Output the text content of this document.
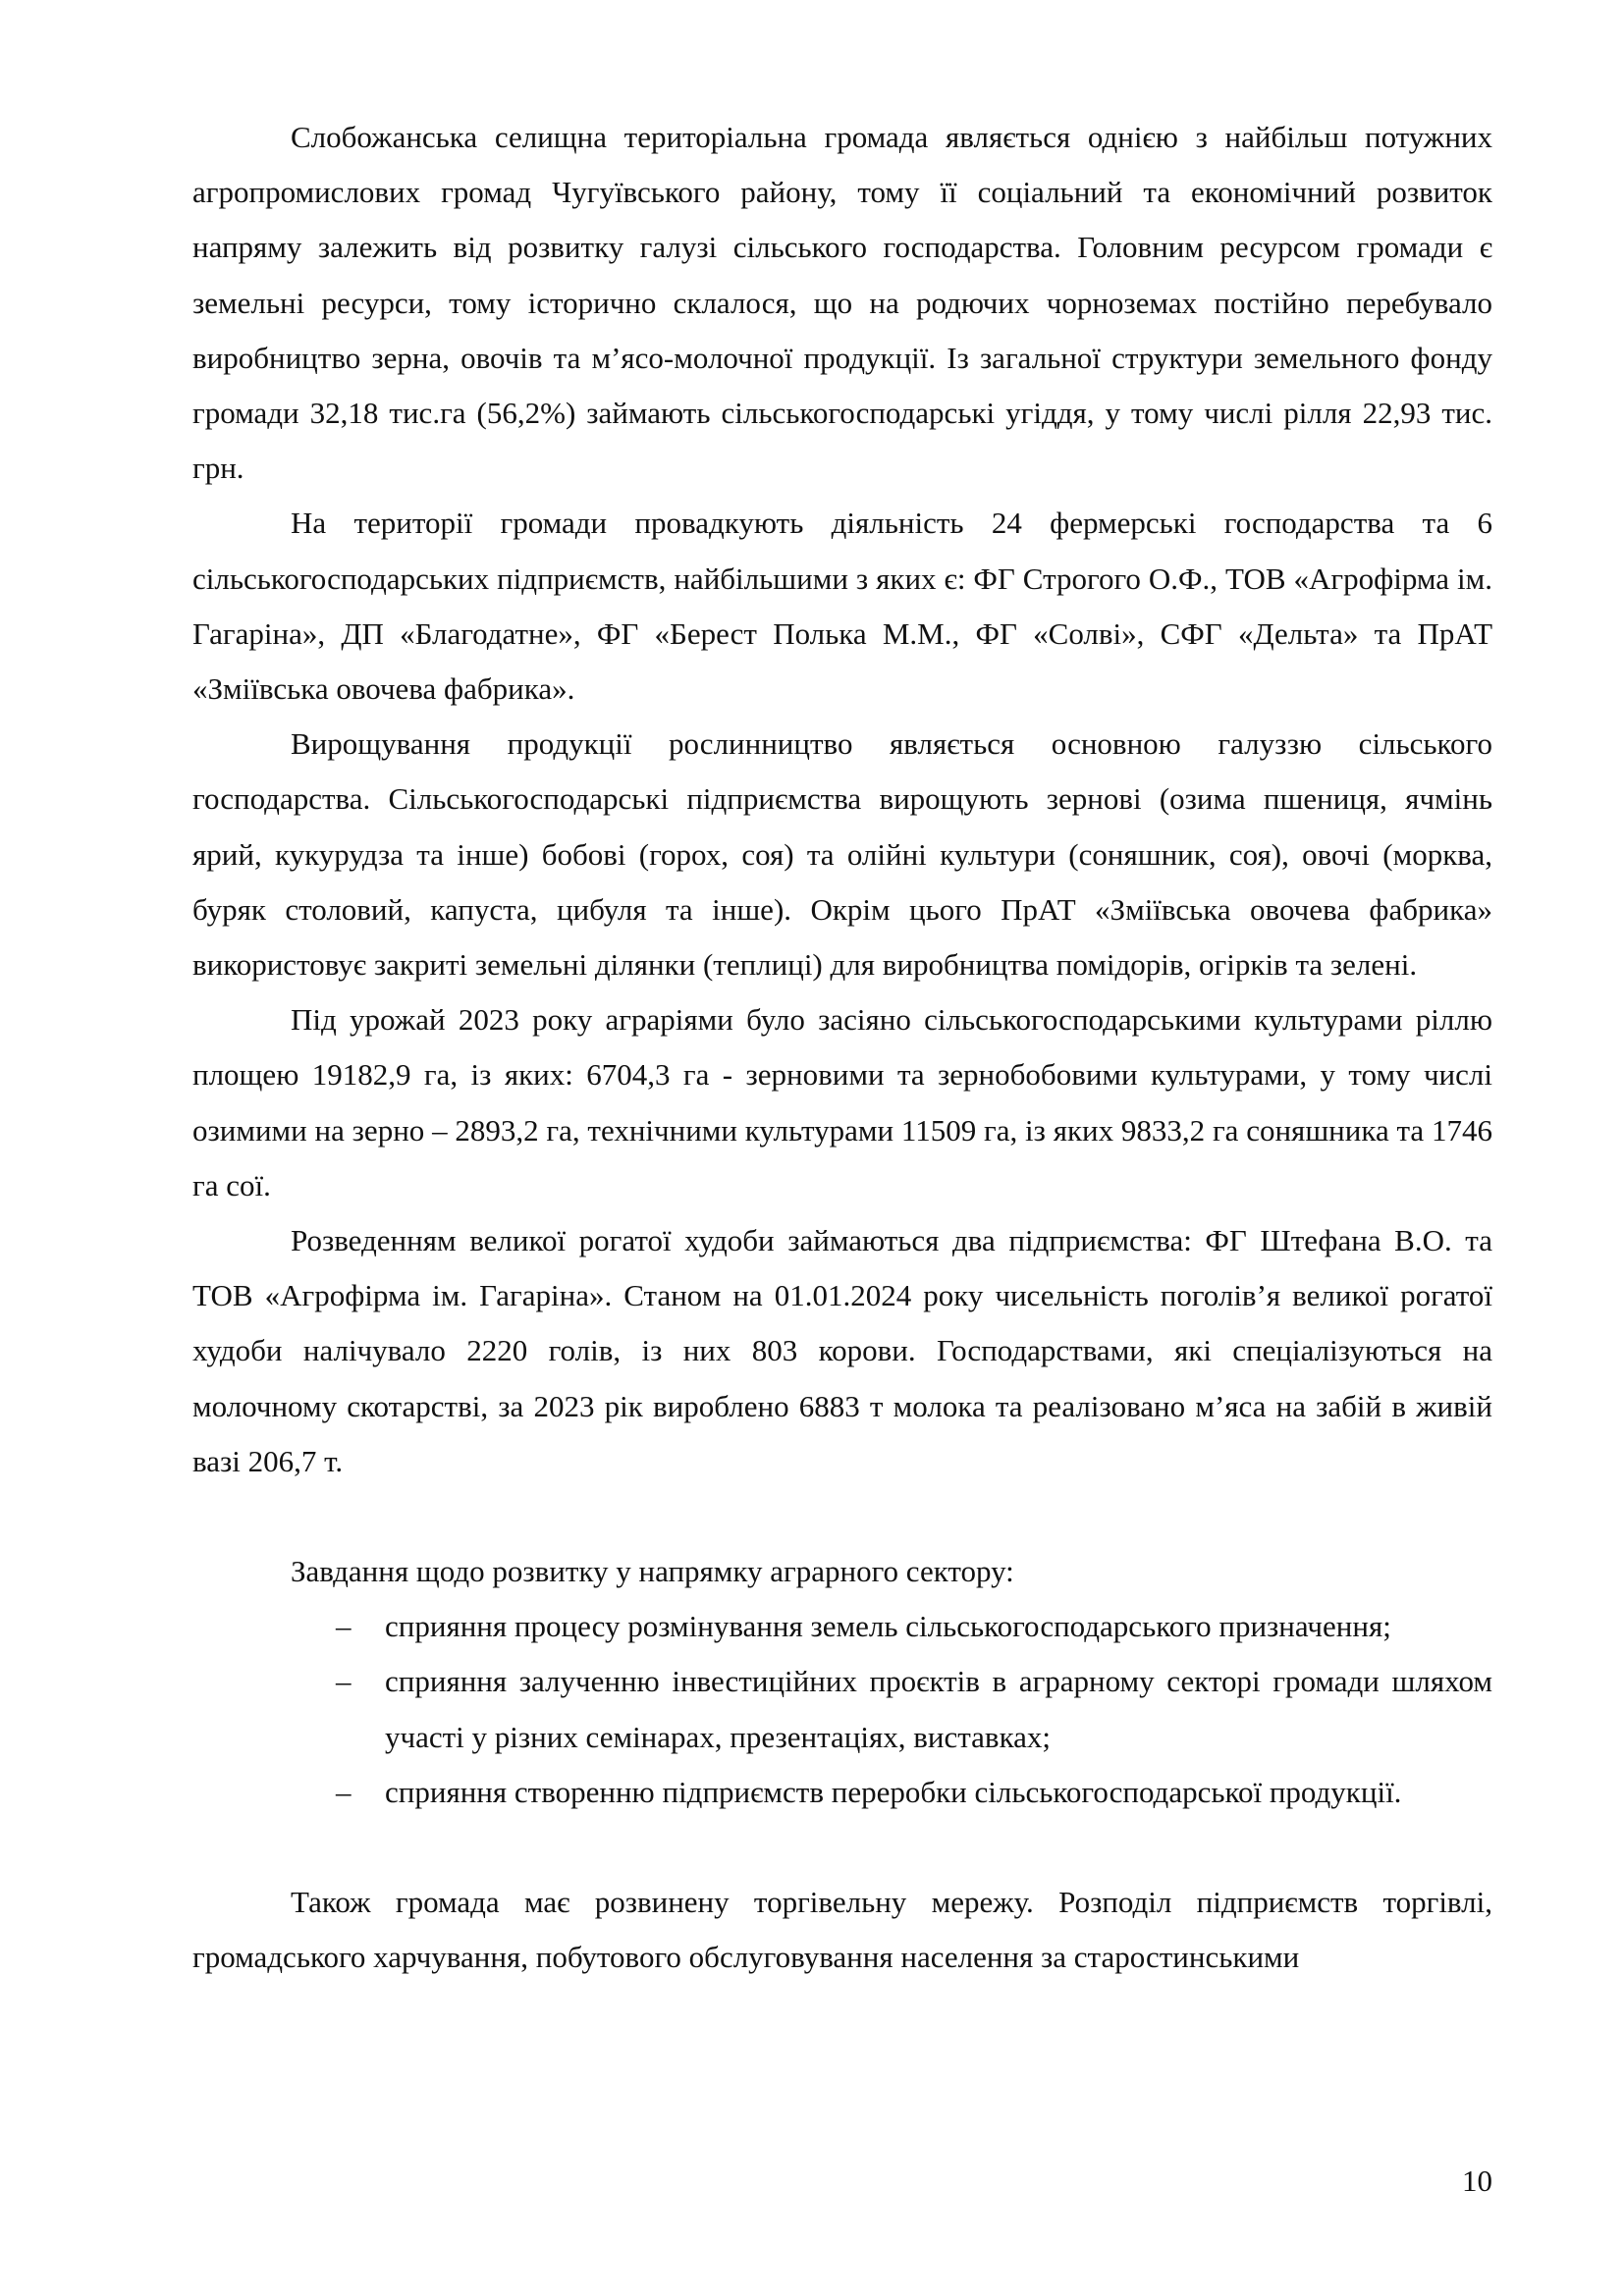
Слобожанська селищна територіальна громада являється однією з найбільш потужних агропромислових громад Чугуївського району, тому її соціальний та економічний розвиток напряму залежить від розвитку галузі сільського господарства. Головним ресурсом громади є земельні ресурси, тому історично склалося, що на родючих чорноземах постійно перебувало виробництво зерна, овочів та м’ясо-молочної продукції. Із загальної структури земельного фонду громади 32,18 тис.га (56,2%) займають сільськогосподарські угіддя, у тому числі рілля 22,93 тис. грн.

На території громади провадкують діяльність 24 фермерські господарства та 6 сільськогосподарських підприємств, найбільшими з яких є: ФГ Строгого О.Ф., ТОВ «Агрофірма ім. Гагаріна», ДП «Благодатне», ФГ «Берест Полька М.М., ФГ «Солві», СФГ «Дельта» та ПрАТ «Зміївська овочева фабрика».

Вирощування продукції рослинництво являється основною галуззю сільського господарства. Сільськогосподарські підприємства вирощують зернові (озима пшениця, ячмінь ярий, кукурудза та інше) бобові (горох, соя) та олійні культури (соняшник, соя), овочі (морква, буряк столовий, капуста, цибуля та інше). Окрім цього ПрАТ «Зміївська овочева фабрика» використовує закриті земельні ділянки (теплиці) для виробництва помідорів, огірків та зелені.

Під урожай 2023 року аграріями було засіяно сільськогосподарськими культурами ріллю площею 19182,9 га, із яких: 6704,3 га - зерновими та зернобобовими культурами, у тому числі озимими на зерно – 2893,2 га, технічними культурами 11509 га, із яких 9833,2 га соняшника та 1746 га сої.

Розведенням великої рогатої худоби займаються два підприємства: ФГ Штефана В.О. та ТОВ «Агрофірма ім. Гагаріна». Станом на 01.01.2024 року чисельність поголів’я великої рогатої худоби налічувало 2220 голів, із них 803 корови. Господарствами, які спеціалізуються на молочному скотарстві, за 2023 рік вироблено 6883 т молока та реалізовано м’яса на забій в живій вазі 206,7 т.

Завдання щодо розвитку у напрямку аграрного сектору:

– сприяння процесу розмінування земель сільськогосподарського призначення;
– сприяння залученню інвестиційних проєктів в аграрному секторі громади шляхом участі у різних семінарах, презентаціях, виставках;
– сприяння створенню підприємств переробки сільськогосподарської продукції.

Також громада має розвинену торгівельну мережу. Розподіл підприємств торгівлі, громадського харчування, побутового обслуговування населення за старостинськими

10
